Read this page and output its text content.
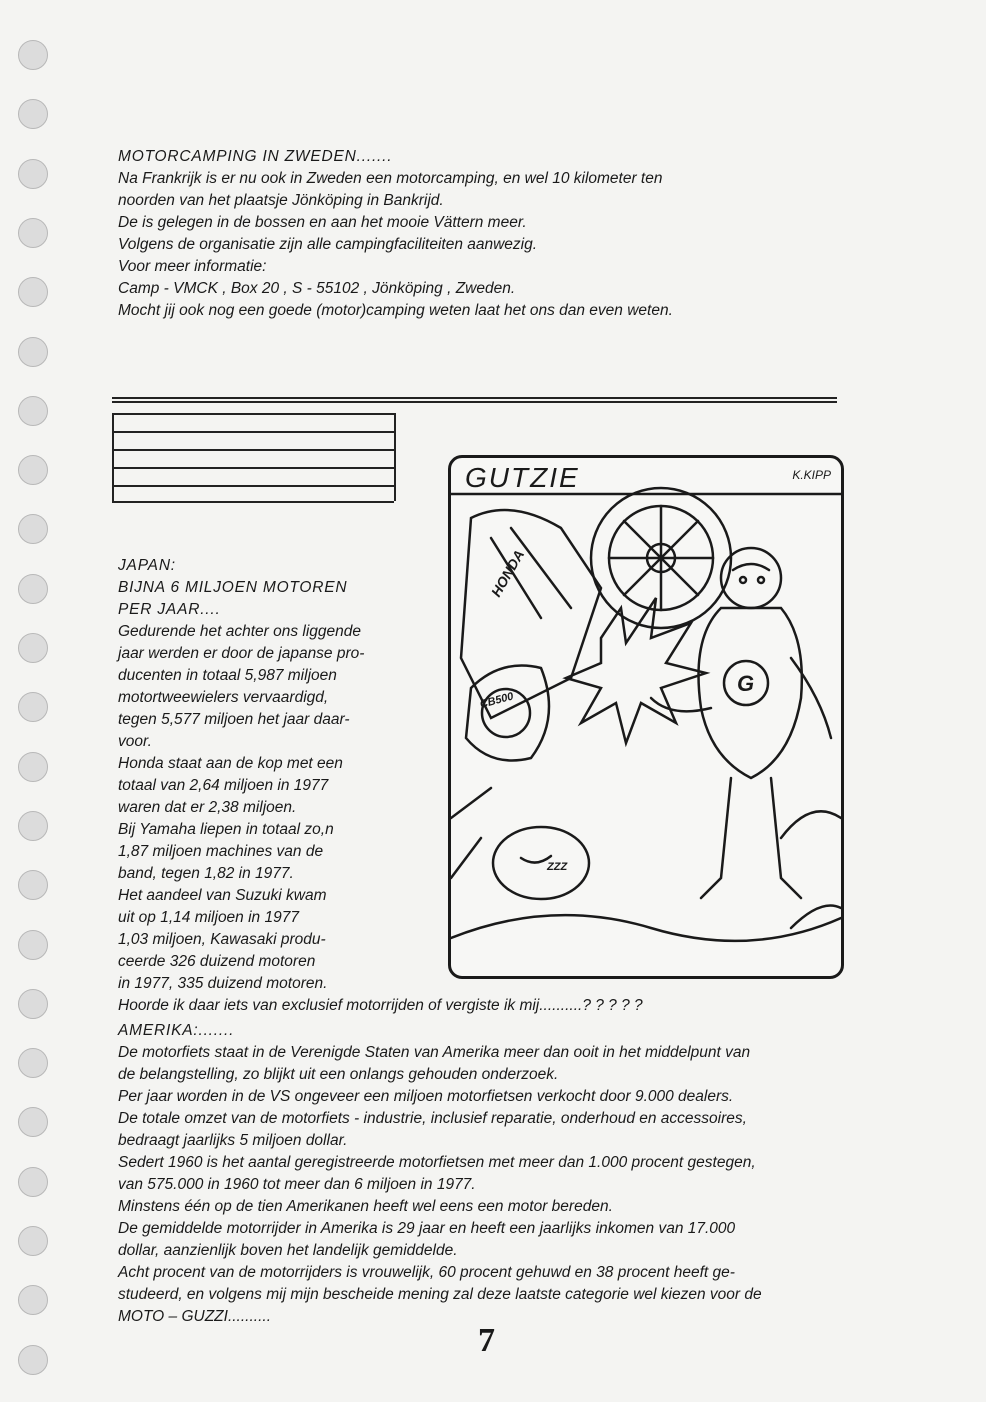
MOTORCAMPING IN ZWEDEN.......
Na Frankrijk is er nu ook in Zweden een motorcamping, en wel 10 kilometer ten
noorden van het plaatsje Jönköping in Bankrijd.
De is gelegen in de bossen en aan het mooie Vättern meer.
Volgens de organisatie zijn alle campingfaciliteiten aanwezig.
Voor meer informatie:
Camp - VMCK , Box 20 , S - 55102 , Jönköping , Zweden.
Mocht jij ook nog een goede (motor)camping weten laat het ons dan even weten.
GUTZIE	K.KIPP
HONDA
CB500
G
ZZZ
JAPAN:
BIJNA 6 MILJOEN MOTOREN
PER JAAR....
Gedurende het achter ons liggende
jaar werden er door de japanse pro-
ducenten in totaal 5,987 miljoen
motortweewielers vervaardigd,
tegen 5,577 miljoen het jaar daar-
voor.
Honda staat aan de kop met een
totaal van 2,64 miljoen in 1977
waren dat er 2,38 miljoen.
Bij Yamaha liepen in totaal zo,n
1,87 miljoen machines van de
band, tegen 1,82 in 1977.
Het aandeel van Suzuki kwam
uit op 1,14 miljoen in 1977
1,03 miljoen, Kawasaki produ-
ceerde 326 duizend motoren
in 1977, 335 duizend motoren.
Hoorde ik daar iets van exclusief motorrijden of vergiste ik mij..........? ? ? ? ?
AMERIKA:.......
De motorfiets staat in de Verenigde Staten van Amerika meer dan ooit in het middelpunt van
de belangstelling, zo blijkt uit een onlangs gehouden onderzoek.
Per jaar worden in de VS ongeveer een miljoen motorfietsen verkocht door 9.000 dealers.
De totale omzet van de motorfiets - industrie, inclusief reparatie, onderhoud en accessoires,
bedraagt jaarlijks 5 miljoen dollar.
Sedert 1960 is het aantal geregistreerde motorfietsen met meer dan 1.000 procent gestegen,
van 575.000 in 1960 tot meer dan 6 miljoen in 1977.
Minstens één op de tien Amerikanen heeft wel eens een motor bereden.
De gemiddelde motorrijder in Amerika is 29 jaar en heeft een jaarlijks inkomen van 17.000
dollar, aanzienlijk boven het landelijk gemiddelde.
Acht procent van de motorrijders is vrouwelijk, 60 procent gehuwd en 38 procent heeft ge-
studeerd, en volgens mij mijn bescheide mening zal deze laatste categorie wel kiezen voor de
MOTO – GUZZI..........
7
